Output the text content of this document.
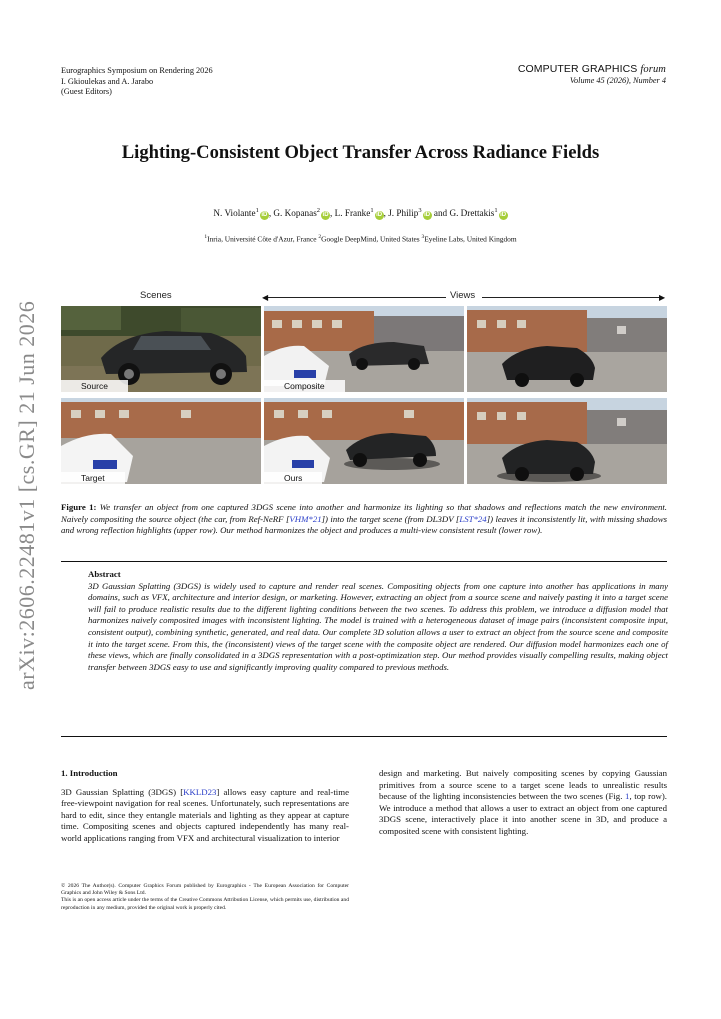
Eurographics Symposium on Rendering 2026
I. Gkioulekas and A. Jarabo
(Guest Editors)
COMPUTER GRAPHICS forum
Volume 45 (2026), Number 4
Lighting-Consistent Object Transfer Across Radiance Fields
N. Violante$^1$iD , G. Kopanas$^2$iD , L. Franke$^1$iD , J. Philip$^3$iD and G. Drettakis$^1$iD
$^1$Inria, Université Côte d'Azur, France $^2$Google DeepMind, United States $^3$Eyeline Labs, United Kingdom
arXiv:2606.22481v1 [cs.GR] 21 Jun 2026
Scenes	◀	Views	▶
Source	Composite
Target	Ours
Figure 1: We transfer an object from one captured 3DGS scene into another and harmonize its lighting so that shadows and reflections match the new environment. Naively compositing the source object (the car, from Ref-NeRF [VHM*21]) into the target scene (from DL3DV [LST*24]) leaves it inconsistently lit, with missing shadows and wrong reflection highlights (upper row). Our method harmonizes the object and produces a multi-view consistent result (lower row).
Abstract
3D Gaussian Splatting (3DGS) is widely used to capture and render real scenes. Compositing objects from one capture into another has applications in many domains, such as VFX, architecture and interior design, or marketing. However, extracting an object from a source scene and naively pasting it into a target scene will fail to produce realistic results due to the different lighting conditions between the two scenes. To address this problem, we introduce a diffusion model that harmonizes naively composited images with inconsistent lighting. The model is trained with a heterogeneous dataset of image pairs (inconsistent composite input, consistent output), combining synthetic, generated, and real data. Our complete 3D solution allows a user to extract an object from the source scene and composite it into the target scene. From this, the (inconsistent) views of the target scene with the composite object are rendered. Our diffusion model harmonizes each one of these views, which are finally consolidated in a 3DGS representation with a post-optimization step. Our method provides visually compelling results, making object transfer between 3DGS easy to use and significantly improving quality compared to previous methods.
1. Introduction
3D Gaussian Splatting (3DGS) [KKLD23] allows easy capture and real-time free-viewpoint navigation for real scenes. Unfortunately, such representations are hard to edit, since they entangle materials and lighting as they appear at capture time. Compositing scenes and objects captured independently has many real-world applications ranging from VFX and architectural visualization to interior
design and marketing. But naively compositing scenes by copying Gaussian primitives from a source scene to a target scene leads to unrealistic results because of the lighting inconsistencies between the two scenes (Fig. 1, top row). We introduce a method that allows a user to extract an object from one captured 3DGS scene, interactively place it into another scene in 3D, and produce a composited scene with consistent lighting.
© 2026 The Author(s). Computer Graphics Forum published by Eurographics - The European Association for Computer Graphics and John Wiley & Sons Ltd.
This is an open access article under the terms of the Creative Commons Attribution License, which permits use, distribution and reproduction in any medium, provided the original work is properly cited.
